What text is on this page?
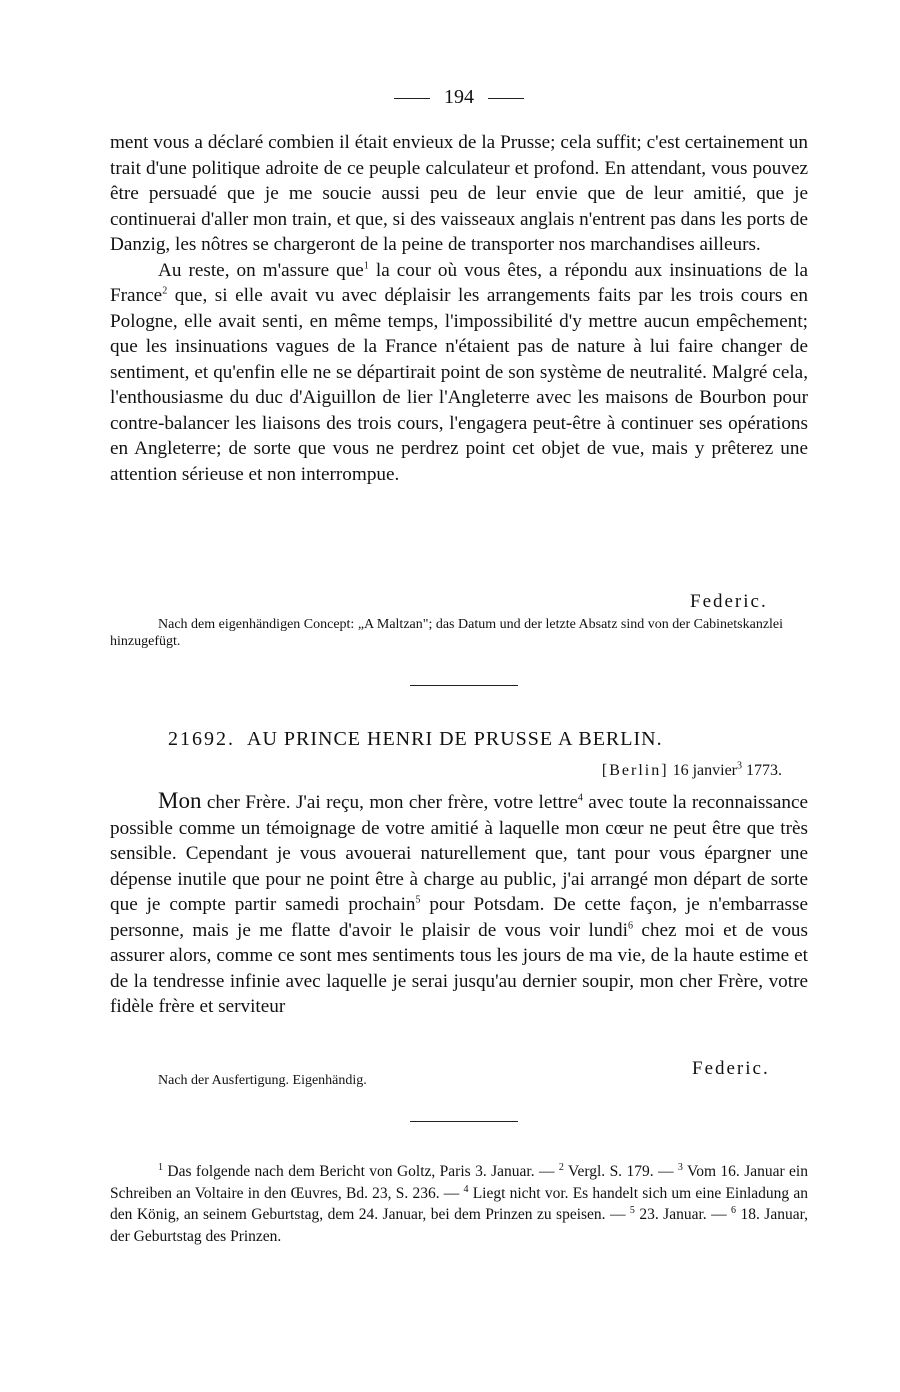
194

ment vous a déclaré combien il était envieux de la Prusse; cela suffit; c'est certainement un trait d'une politique adroite de ce peuple calculateur et profond. En attendant, vous pouvez être persuadé que je me soucie aussi peu de leur envie que de leur amitié, que je continuerai d'aller mon train, et que, si des vaisseaux anglais n'entrent pas dans les ports de Danzig, les nôtres se chargeront de la peine de transporter nos marchandises ailleurs.

Au reste, on m'assure que$^1$ la cour où vous êtes, a répondu aux insinuations de la France$^2$ que, si elle avait vu avec déplaisir les arrangements faits par les trois cours en Pologne, elle avait senti, en même temps, l'impossibilité d'y mettre aucun empêchement; que les insinuations vagues de la France n'étaient pas de nature à lui faire changer de sentiment, et qu'enfin elle ne se départirait point de son système de neutralité. Malgré cela, l'enthousiasme du duc d'Aiguillon de lier l'Angleterre avec les maisons de Bourbon pour contre-balancer les liaisons des trois cours, l'engagera peut-être à continuer ses opérations en Angleterre; de sorte que vous ne perdrez point cet objet de vue, mais y prêterez une attention sérieuse et non interrompue.

Federic.
Nach dem eigenhändigen Concept: „A Maltzan"; das Datum und der letzte Absatz sind von der Cabinetskanzlei hinzugefügt.
21692. AU PRINCE HENRI DE PRUSSE A BERLIN.
[Berlin] 16 janvier$^3$ 1773.

Mon cher Frère. J'ai reçu, mon cher frère, votre lettre$^4$ avec toute la reconnaissance possible comme un témoignage de votre amitié à laquelle mon cœur ne peut être que très sensible. Cependant je vous avouerai naturellement que, tant pour vous épargner une dépense inutile que pour ne point être à charge au public, j'ai arrangé mon départ de sorte que je compte partir samedi prochain$^5$ pour Potsdam. De cette façon, je n'embarrasse personne, mais je me flatte d'avoir le plaisir de vous voir lundi$^6$ chez moi et de vous assurer alors, comme ce sont mes sentiments tous les jours de ma vie, de la haute estime et de la tendresse infinie avec laquelle je serai jusqu'au dernier soupir, mon cher Frère, votre fidèle frère et serviteur

Federic.
Nach der Ausfertigung. Eigenhändig.

$^1$ Das folgende nach dem Bericht von Goltz, Paris 3. Januar. — $^2$ Vergl. S. 179. — $^3$ Vom 16. Januar ein Schreiben an Voltaire in den Œuvres, Bd. 23, S. 236. — $^4$ Liegt nicht vor. Es handelt sich um eine Einladung an den König, an seinem Geburtstag, dem 24. Januar, bei dem Prinzen zu speisen. — $^5$ 23. Januar. — $^6$ 18. Januar, der Geburtstag des Prinzen.
